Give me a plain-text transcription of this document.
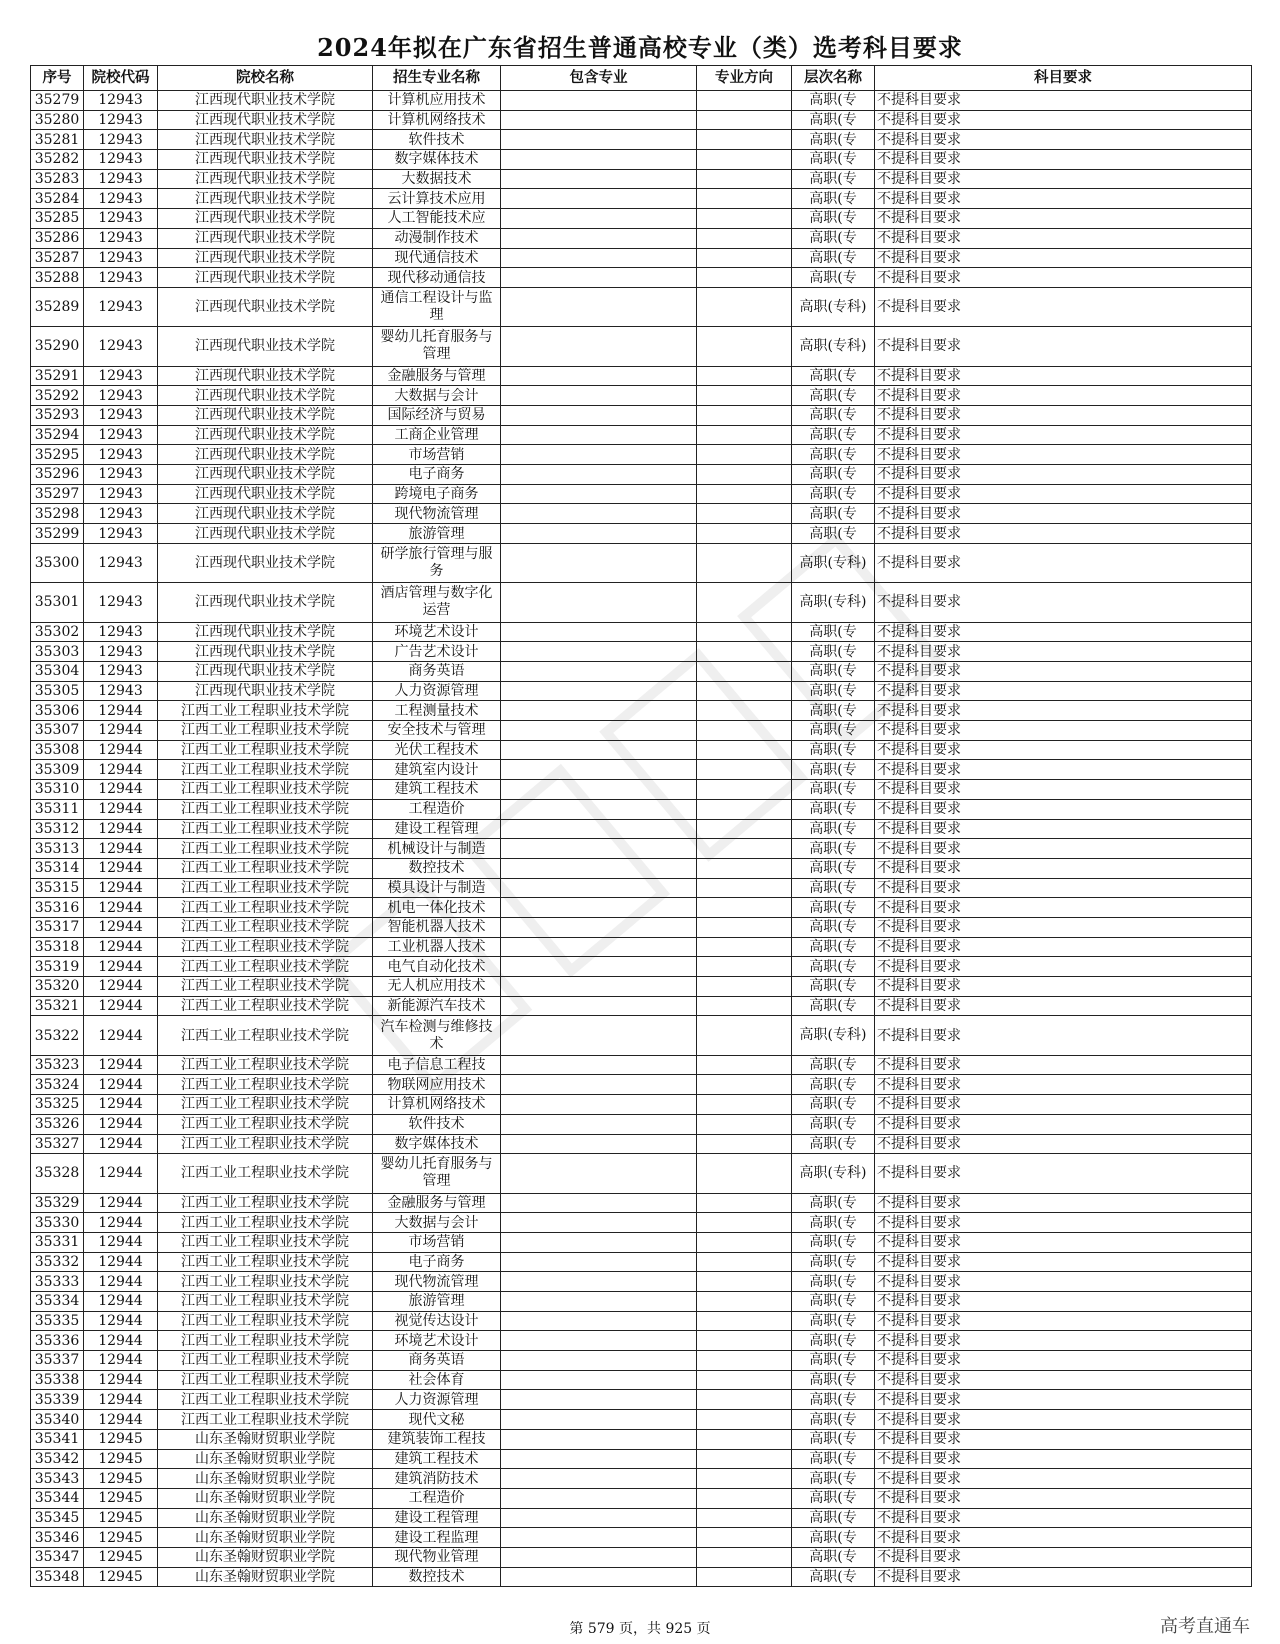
2024年拟在广东省招生普通高校专业（类）选考科目要求
序号	院校代码	院校名称	招生专业名称	包含专业	专业方向	层次名称	科目要求
35279	12943	江西现代职业技术学院	计算机应用技术			高职(专	不提科目要求
35280	12943	江西现代职业技术学院	计算机网络技术			高职(专	不提科目要求
35281	12943	江西现代职业技术学院	软件技术			高职(专	不提科目要求
35282	12943	江西现代职业技术学院	数字媒体技术			高职(专	不提科目要求
35283	12943	江西现代职业技术学院	大数据技术			高职(专	不提科目要求
35284	12943	江西现代职业技术学院	云计算技术应用			高职(专	不提科目要求
35285	12943	江西现代职业技术学院	人工智能技术应			高职(专	不提科目要求
35286	12943	江西现代职业技术学院	动漫制作技术			高职(专	不提科目要求
35287	12943	江西现代职业技术学院	现代通信技术			高职(专	不提科目要求
35288	12943	江西现代职业技术学院	现代移动通信技			高职(专	不提科目要求
35289	12943	江西现代职业技术学院	通信工程设计与监理			高职(专科)	不提科目要求
35290	12943	江西现代职业技术学院	婴幼儿托育服务与管理			高职(专科)	不提科目要求
35291	12943	江西现代职业技术学院	金融服务与管理			高职(专	不提科目要求
35292	12943	江西现代职业技术学院	大数据与会计			高职(专	不提科目要求
35293	12943	江西现代职业技术学院	国际经济与贸易			高职(专	不提科目要求
35294	12943	江西现代职业技术学院	工商企业管理			高职(专	不提科目要求
35295	12943	江西现代职业技术学院	市场营销			高职(专	不提科目要求
35296	12943	江西现代职业技术学院	电子商务			高职(专	不提科目要求
35297	12943	江西现代职业技术学院	跨境电子商务			高职(专	不提科目要求
35298	12943	江西现代职业技术学院	现代物流管理			高职(专	不提科目要求
35299	12943	江西现代职业技术学院	旅游管理			高职(专	不提科目要求
35300	12943	江西现代职业技术学院	研学旅行管理与服务			高职(专科)	不提科目要求
35301	12943	江西现代职业技术学院	酒店管理与数字化运营			高职(专科)	不提科目要求
35302	12943	江西现代职业技术学院	环境艺术设计			高职(专	不提科目要求
35303	12943	江西现代职业技术学院	广告艺术设计			高职(专	不提科目要求
35304	12943	江西现代职业技术学院	商务英语			高职(专	不提科目要求
35305	12943	江西现代职业技术学院	人力资源管理			高职(专	不提科目要求
35306	12944	江西工业工程职业技术学院	工程测量技术			高职(专	不提科目要求
35307	12944	江西工业工程职业技术学院	安全技术与管理			高职(专	不提科目要求
35308	12944	江西工业工程职业技术学院	光伏工程技术			高职(专	不提科目要求
35309	12944	江西工业工程职业技术学院	建筑室内设计			高职(专	不提科目要求
35310	12944	江西工业工程职业技术学院	建筑工程技术			高职(专	不提科目要求
35311	12944	江西工业工程职业技术学院	工程造价			高职(专	不提科目要求
35312	12944	江西工业工程职业技术学院	建设工程管理			高职(专	不提科目要求
35313	12944	江西工业工程职业技术学院	机械设计与制造			高职(专	不提科目要求
35314	12944	江西工业工程职业技术学院	数控技术			高职(专	不提科目要求
35315	12944	江西工业工程职业技术学院	模具设计与制造			高职(专	不提科目要求
35316	12944	江西工业工程职业技术学院	机电一体化技术			高职(专	不提科目要求
35317	12944	江西工业工程职业技术学院	智能机器人技术			高职(专	不提科目要求
35318	12944	江西工业工程职业技术学院	工业机器人技术			高职(专	不提科目要求
35319	12944	江西工业工程职业技术学院	电气自动化技术			高职(专	不提科目要求
35320	12944	江西工业工程职业技术学院	无人机应用技术			高职(专	不提科目要求
35321	12944	江西工业工程职业技术学院	新能源汽车技术			高职(专	不提科目要求
35322	12944	江西工业工程职业技术学院	汽车检测与维修技术			高职(专科)	不提科目要求
35323	12944	江西工业工程职业技术学院	电子信息工程技			高职(专	不提科目要求
35324	12944	江西工业工程职业技术学院	物联网应用技术			高职(专	不提科目要求
35325	12944	江西工业工程职业技术学院	计算机网络技术			高职(专	不提科目要求
35326	12944	江西工业工程职业技术学院	软件技术			高职(专	不提科目要求
35327	12944	江西工业工程职业技术学院	数字媒体技术			高职(专	不提科目要求
35328	12944	江西工业工程职业技术学院	婴幼儿托育服务与管理			高职(专科)	不提科目要求
35329	12944	江西工业工程职业技术学院	金融服务与管理			高职(专	不提科目要求
35330	12944	江西工业工程职业技术学院	大数据与会计			高职(专	不提科目要求
35331	12944	江西工业工程职业技术学院	市场营销			高职(专	不提科目要求
35332	12944	江西工业工程职业技术学院	电子商务			高职(专	不提科目要求
35333	12944	江西工业工程职业技术学院	现代物流管理			高职(专	不提科目要求
35334	12944	江西工业工程职业技术学院	旅游管理			高职(专	不提科目要求
35335	12944	江西工业工程职业技术学院	视觉传达设计			高职(专	不提科目要求
35336	12944	江西工业工程职业技术学院	环境艺术设计			高职(专	不提科目要求
35337	12944	江西工业工程职业技术学院	商务英语			高职(专	不提科目要求
35338	12944	江西工业工程职业技术学院	社会体育			高职(专	不提科目要求
35339	12944	江西工业工程职业技术学院	人力资源管理			高职(专	不提科目要求
35340	12944	江西工业工程职业技术学院	现代文秘			高职(专	不提科目要求
35341	12945	山东圣翰财贸职业学院	建筑装饰工程技			高职(专	不提科目要求
35342	12945	山东圣翰财贸职业学院	建筑工程技术			高职(专	不提科目要求
35343	12945	山东圣翰财贸职业学院	建筑消防技术			高职(专	不提科目要求
35344	12945	山东圣翰财贸职业学院	工程造价			高职(专	不提科目要求
35345	12945	山东圣翰财贸职业学院	建设工程管理			高职(专	不提科目要求
35346	12945	山东圣翰财贸职业学院	建设工程监理			高职(专	不提科目要求
35347	12945	山东圣翰财贸职业学院	现代物业管理			高职(专	不提科目要求
35348	12945	山东圣翰财贸职业学院	数控技术			高职(专	不提科目要求
第 579 页，共 925 页	高考直通车
